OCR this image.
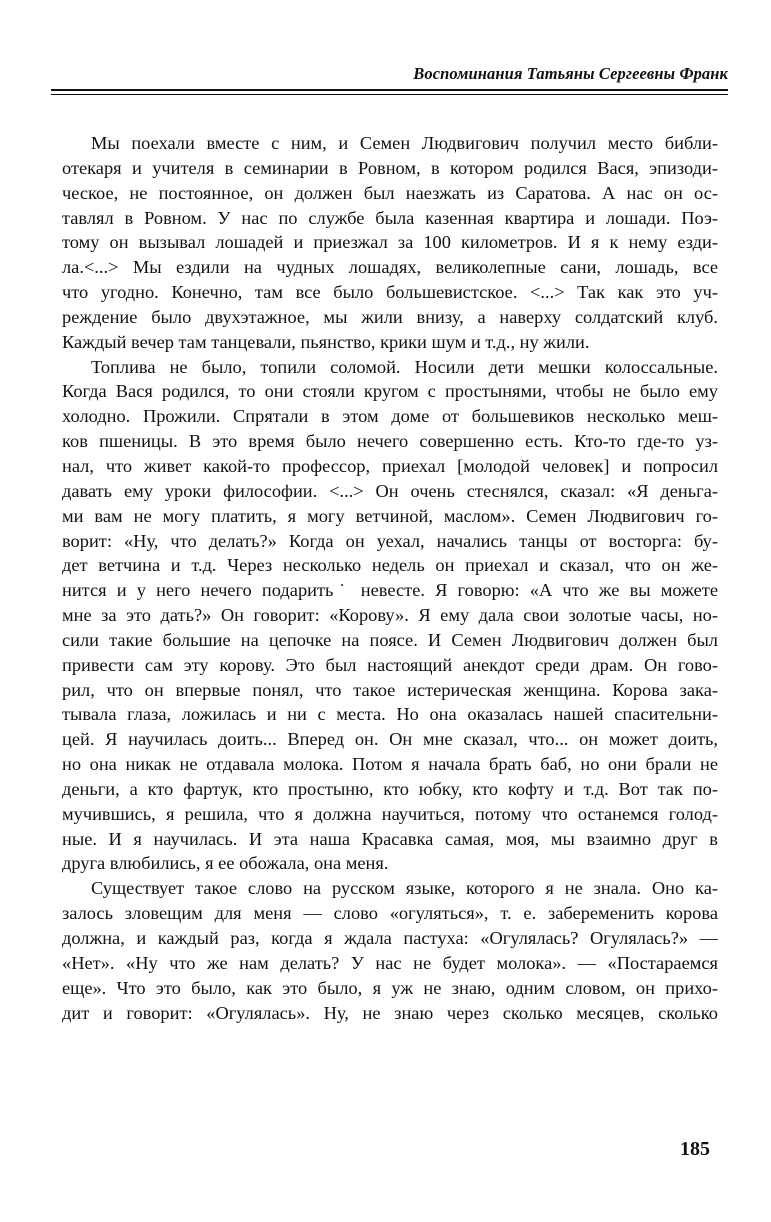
Воспоминания Татьяны Сергеевны Франк
Мы поехали вместе с ним, и Семен Людвигович получил место библи-
отекаря и учителя в семинарии в Ровном, в котором родился Вася, эпизоди-
ческое, не постоянное, он должен был наезжать из Саратова. А нас он ос-
тавлял в Ровном. У нас по службе была казенная квартира и лошади. Поэ-
тому он вызывал лошадей и приезжал за 100 километров. И я к нему езди-
ла.<...> Мы ездили на чудных лошадях, великолепные сани, лошадь, все
что угодно. Конечно, там все было большевистское. <...> Так как это уч-
реждение было двухэтажное, мы жили внизу, а наверху солдатский клуб.
Каждый вечер там танцевали, пьянство, крики шум и т.д., ну жили.
Топлива не было, топили соломой. Носили дети мешки колоссальные.
Когда Вася родился, то они стояли кругом с простынями, чтобы не было ему
холодно. Прожили. Спрятали в этом доме от большевиков несколько меш-
ков пшеницы. В это время было нечего совершенно есть. Кто-то где-то уз-
нал, что живет какой-то профессор, приехал [молодой человек] и попросил
давать ему уроки философии. <...> Он очень стеснялся, сказал: «Я деньга-
ми вам не могу платить, я могу ветчиной, маслом». Семен Людвигович го-
ворит: «Ну, что делать?» Когда он уехал, начались танцы от восторга: бу-
дет ветчина и т.д. Через несколько недель он приехал и сказал, что он же-
нится и у него нечего подарить˙ невесте. Я говорю: «А что же вы можете
мне за это дать?» Он говорит: «Корову». Я ему дала свои золотые часы, но-
сили такие большие на цепочке на поясе. И Семен Людвигович должен был
привести сам эту корову. Это был настоящий анекдот среди драм. Он гово-
рил, что он впервые понял, что такое истерическая женщина. Корова зака-
тывала глаза, ложилась и ни с места. Но она оказалась нашей спасительни-
цей. Я научилась доить... Вперед он. Он мне сказал, что... он может доить,
но она никак не отдавала молока. Потом я начала брать баб, но они брали не
деньги, а кто фартук, кто простыню, кто юбку, кто кофту и т.д. Вот так по-
мучившись, я решила, что я должна научиться, потому что останемся голод-
ные. И я научилась. И эта наша Красавка самая, моя, мы взаимно друг в
друга влюбились, я ее обожала, она меня.
Существует такое слово на русском языке, которого я не знала. Оно ка-
залось зловещим для меня — слово «огуляться», т. е. забеременить корова
должна, и каждый раз, когда я ждала пастуха: «Огулялась? Огулялась?» —
«Нет». «Ну что же нам делать? У нас не будет молока». — «Постараемся
еще». Что это было, как это было, я уж не знаю, одним словом, он прихо-
дит и говорит: «Огулялась». Ну, не знаю через сколько месяцев, сколько
185
